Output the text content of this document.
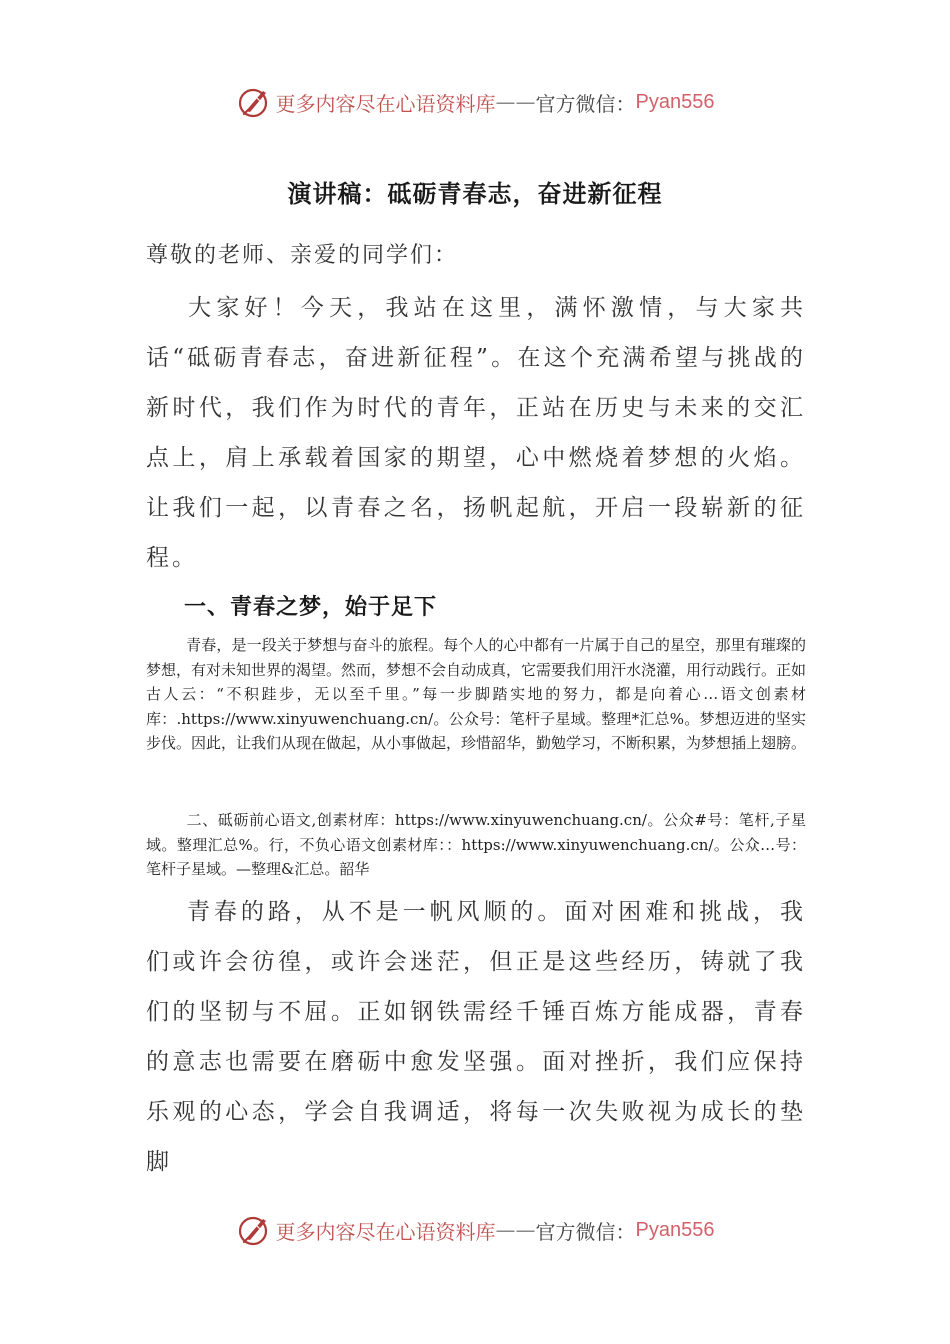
更多内容尽在心语资料库 —— 官方微信： Pyan556
演讲稿：砥砺青春志，奋进新征程
尊敬的老师、亲爱的同学们：

大家好！今天，我站在这里，满怀激情，与大家共话“砥砺青春志，奋进新征程”。在这个充满希望与挑战的新时代，我们作为时代的青年，正站在历史与未来的交汇点上，肩上承载着国家的期望，心中燃烧着梦想的火焰。让我们一起，以青春之名，扬帆起航，开启一段崭新的征程。

一、青春之梦，始于足下

青春，是一段关于梦想与奋斗的旅程。每个人的心中都有一片属于自己的星空，那里有璀璨的梦想，有对未知世界的渴望。然而，梦想不会自动成真，它需要我们用汗水浇灌，用行动践行。正如古人云：“不积跬步，无以至千里。”每一步脚踏实地的努力，都是向着心…语文创素材库：.https://www.xinyuwenchuang.cn/。公众号：笔杆子星域。整理*汇总%。梦想迈进的坚实步伐。因此，让我们从现在做起，从小事做起，珍惜韶华，勤勉学习，不断积累，为梦想插上翅膀。

二、砥砺前心语文,创素材库：https://www.xinyuwenchuang.cn/。公众#号：笔杆,子星域。整理汇总%。行，不负心语文创素材库：：https://www.xinyuwenchuang.cn/。公众…号：笔杆子星域。—整理&汇总。韶华

青春的路，从不是一帆风顺的。面对困难和挑战，我们或许会彷徨，或许会迷茫，但正是这些经历，铸就了我们的坚韧与不屈。正如钢铁需经千锤百炼方能成器，青春的意志也需要在磨砺中愈发坚强。面对挫折，我们应保持乐观的心态，学会自我调适，将每一次失败视为成长的垫脚

更多内容尽在心语资料库 —— 官方微信： Pyan556
